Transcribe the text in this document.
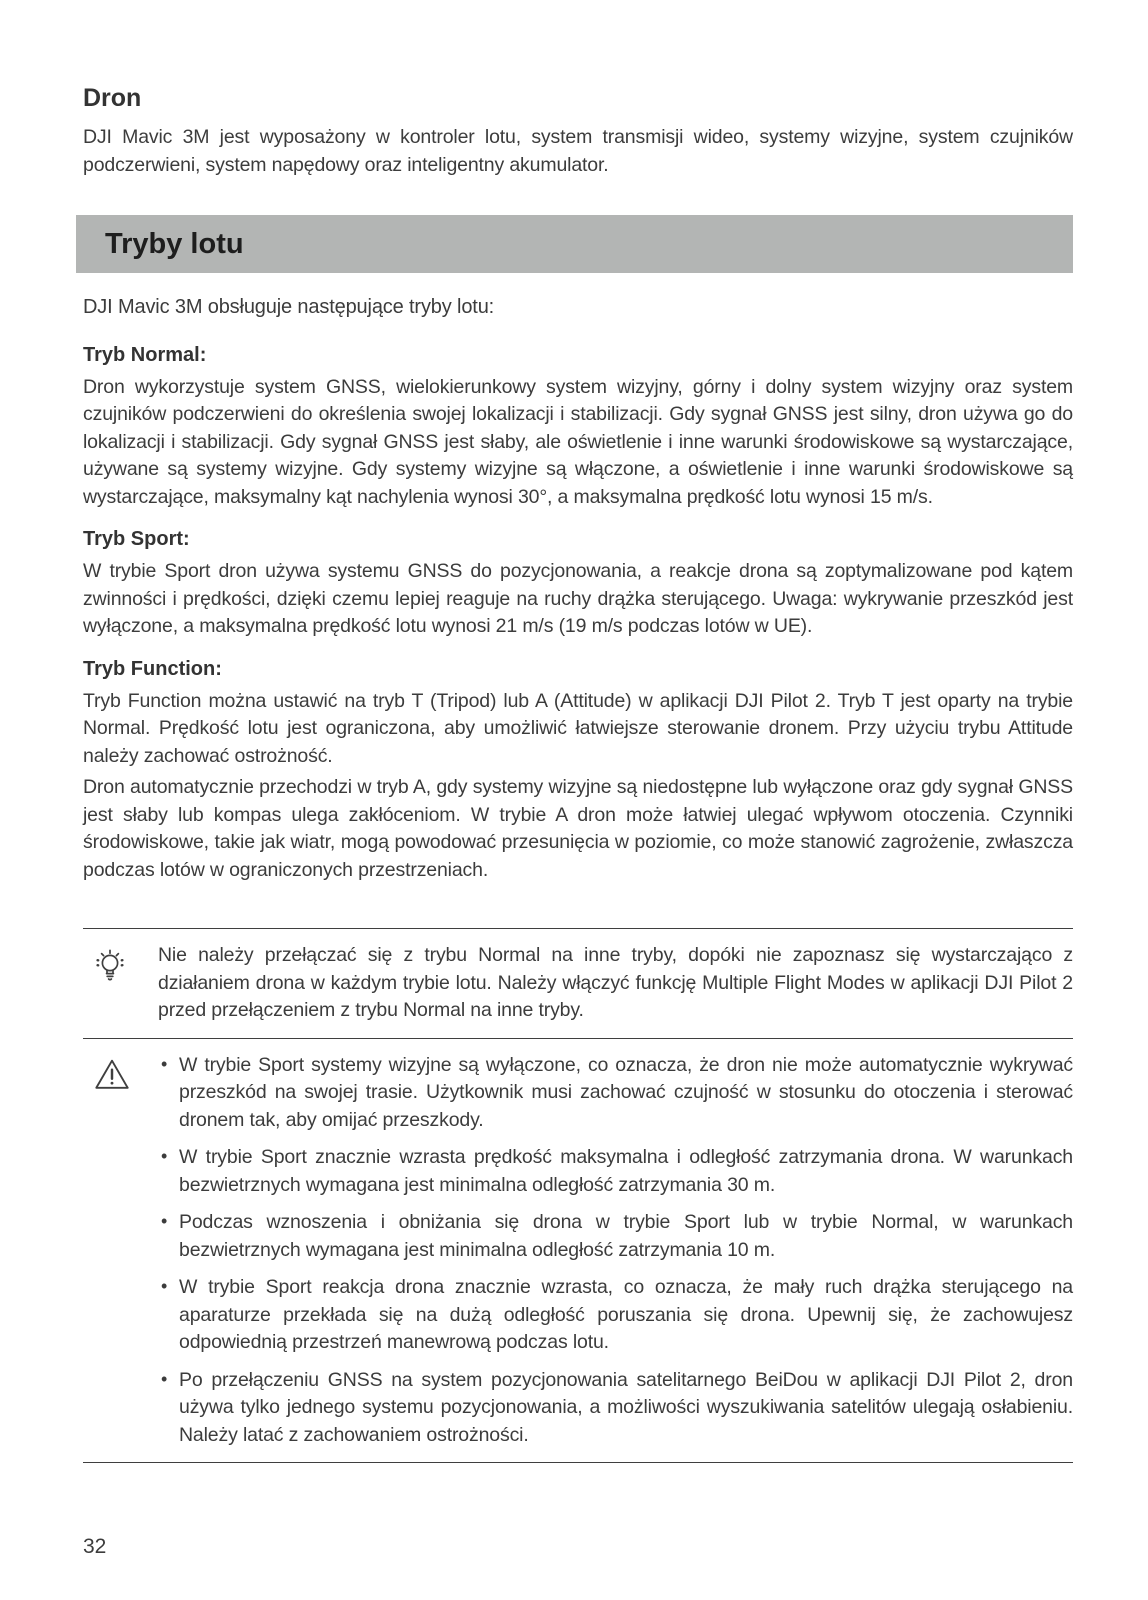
Dron

DJI Mavic 3M jest wyposażony w kontroler lotu, system transmisji wideo, systemy wizyjne, system czujników podczerwieni, system napędowy oraz inteligentny akumulator.

Tryby lotu

DJI Mavic 3M obsługuje następujące tryby lotu:

Tryb Normal:

Dron wykorzystuje system GNSS, wielokierunkowy system wizyjny, górny i dolny system wizyjny oraz system czujników podczerwieni do określenia swojej lokalizacji i stabilizacji. Gdy sygnał GNSS jest silny, dron używa go do lokalizacji i stabilizacji. Gdy sygnał GNSS jest słaby, ale oświetlenie i inne warunki środowiskowe są wystarczające, używane są systemy wizyjne. Gdy systemy wizyjne są włączone, a oświetlenie i inne warunki środowiskowe są wystarczające, maksymalny kąt nachylenia wynosi 30°, a maksymalna prędkość lotu wynosi 15 m/s.

Tryb Sport:

W trybie Sport dron używa systemu GNSS do pozycjonowania, a reakcje drona są zoptymalizowane pod kątem zwinności i prędkości, dzięki czemu lepiej reaguje na ruchy drążka sterującego. Uwaga: wykrywanie przeszkód jest wyłączone, a maksymalna prędkość lotu wynosi 21 m/s (19 m/s podczas lotów w UE).

Tryb Function:

Tryb Function można ustawić na tryb T (Tripod) lub A (Attitude) w aplikacji DJI Pilot 2. Tryb T jest oparty na trybie Normal. Prędkość lotu jest ograniczona, aby umożliwić łatwiejsze sterowanie dronem. Przy użyciu trybu Attitude należy zachować ostrożność.

Dron automatycznie przechodzi w tryb A, gdy systemy wizyjne są niedostępne lub wyłączone oraz gdy sygnał GNSS jest słaby lub kompas ulega zakłóceniom. W trybie A dron może łatwiej ulegać wpływom otoczenia. Czynniki środowiskowe, takie jak wiatr, mogą powodować przesunięcia w poziomie, co może stanowić zagrożenie, zwłaszcza podczas lotów w ograniczonych przestrzeniach.

Nie należy przełączać się z trybu Normal na inne tryby, dopóki nie zapoznasz się wystarczająco z działaniem drona w każdym trybie lotu. Należy włączyć funkcję Multiple Flight Modes w aplikacji DJI Pilot 2 przed przełączeniem z trybu Normal na inne tryby.

• W trybie Sport systemy wizyjne są wyłączone, co oznacza, że dron nie może automatycznie wykrywać przeszkód na swojej trasie. Użytkownik musi zachować czujność w stosunku do otoczenia i sterować dronem tak, aby omijać przeszkody.
• W trybie Sport znacznie wzrasta prędkość maksymalna i odległość zatrzymania drona. W warunkach bezwietrznych wymagana jest minimalna odległość zatrzymania 30 m.
• Podczas wznoszenia i obniżania się drona w trybie Sport lub w trybie Normal, w warunkach bezwietrznych wymagana jest minimalna odległość zatrzymania 10 m.
• W trybie Sport reakcja drona znacznie wzrasta, co oznacza, że mały ruch drążka sterującego na aparaturze przekłada się na dużą odległość poruszania się drona. Upewnij się, że zachowujesz odpowiednią przestrzeń manewrową podczas lotu.
• Po przełączeniu GNSS na system pozycjonowania satelitarnego BeiDou w aplikacji DJI Pilot 2, dron używa tylko jednego systemu pozycjonowania, a możliwości wyszukiwania satelitów ulegają osłabieniu. Należy latać z zachowaniem ostrożności.
32
